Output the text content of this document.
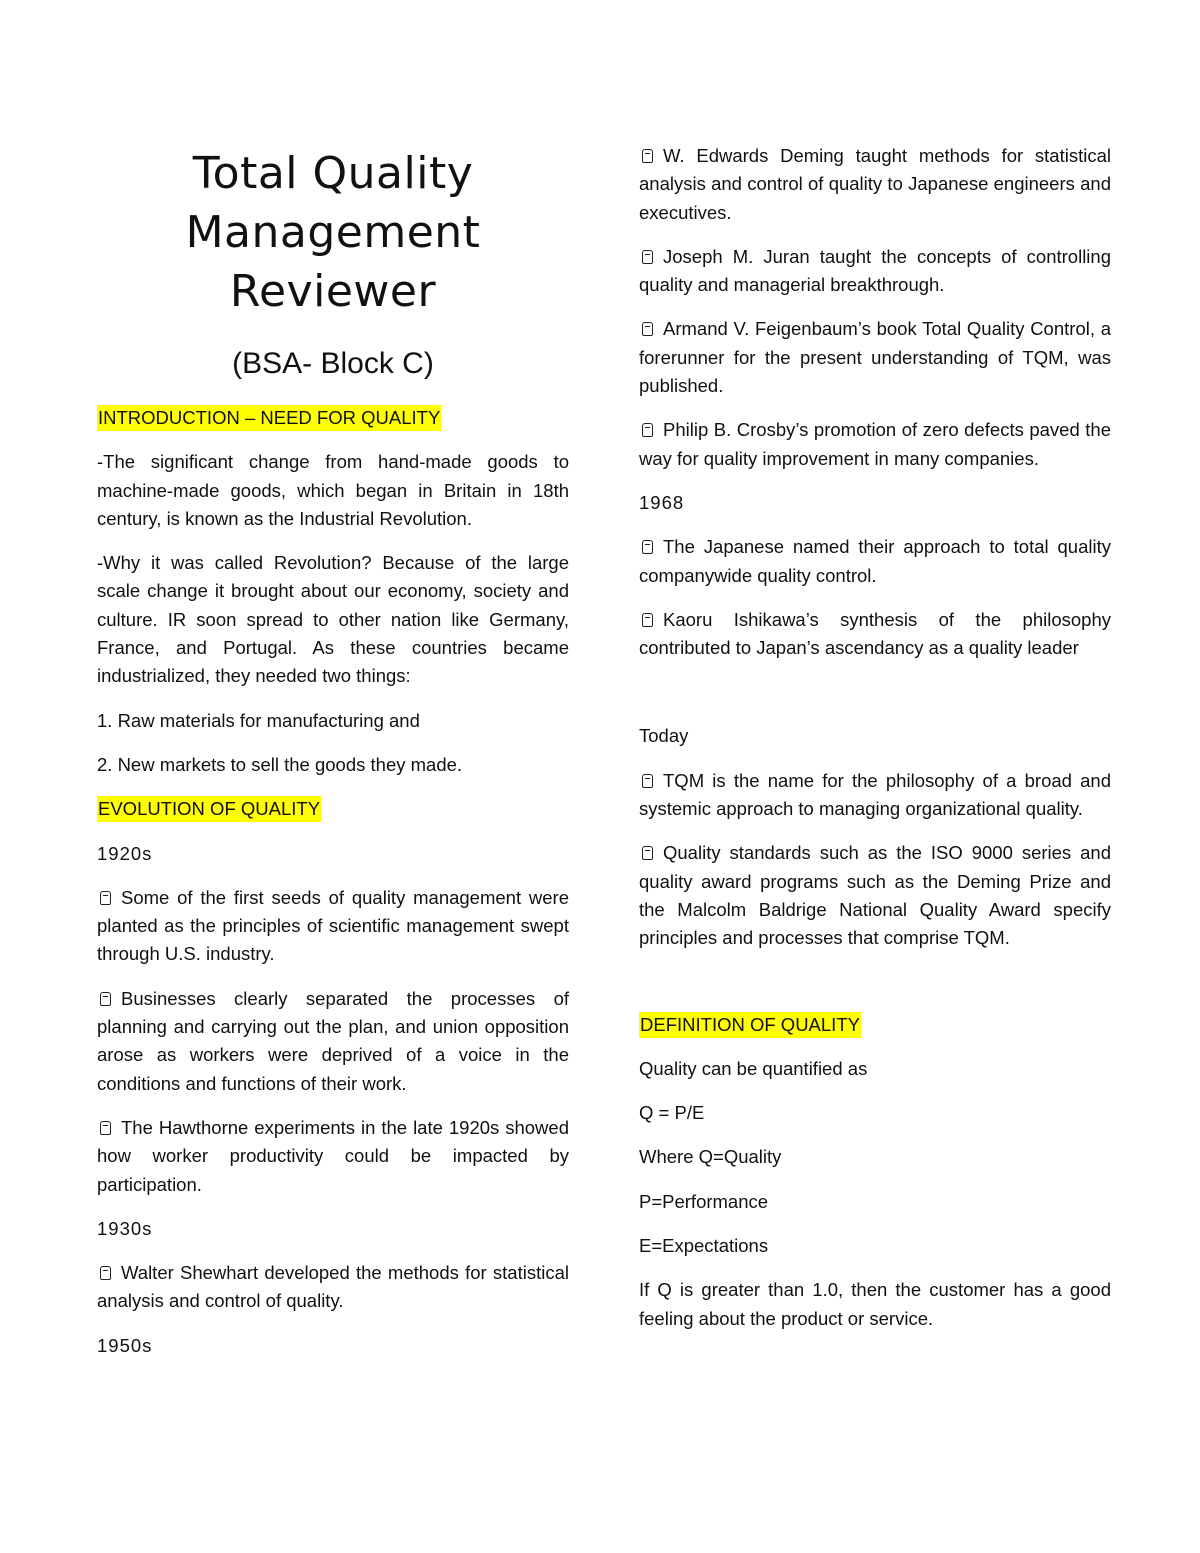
Total Quality
Management
Reviewer
(BSA- Block C)

INTRODUCTION – NEED FOR QUALITY

-The significant change from hand-made goods to machine-made goods, which began in Britain in 18th century, is known as the Industrial Revolution.

-Why it was called Revolution? Because of the large scale change it brought about our economy, society and culture. IR soon spread to other nation like Germany, France, and Portugal. As these countries became industrialized, they needed two things:

1. Raw materials for manufacturing and

2. New markets to sell the goods they made.

EVOLUTION OF QUALITY

1920s

Some of the first seeds of quality management were planted as the principles of scientific management swept through U.S. industry.

Businesses clearly separated the processes of planning and carrying out the plan, and union opposition arose as workers were deprived of a voice in the conditions and functions of their work.

The Hawthorne experiments in the late 1920s showed how worker productivity could be impacted by participation.

1930s

Walter Shewhart developed the methods for statistical analysis and control of quality.

1950s

W. Edwards Deming taught methods for statistical analysis and control of quality to Japanese engineers and executives.

Joseph M. Juran taught the concepts of controlling quality and managerial breakthrough.

Armand V. Feigenbaum’s book Total Quality Control, a forerunner for the present understanding of TQM, was published.

Philip B. Crosby’s promotion of zero defects paved the way for quality improvement in many companies.

1968

The Japanese named their approach to total quality companywide quality control.

Kaoru Ishikawa’s synthesis of the philosophy contributed to Japan’s ascendancy as a quality leader

Today

TQM is the name for the philosophy of a broad and systemic approach to managing organizational quality.

Quality standards such as the ISO 9000 series and quality award programs such as the Deming Prize and the Malcolm Baldrige National Quality Award specify principles and processes that comprise TQM.

DEFINITION OF QUALITY

Quality can be quantified as

Q = P/E

Where Q=Quality

P=Performance

E=Expectations

If Q is greater than 1.0, then the customer has a good feeling about the product or service.
